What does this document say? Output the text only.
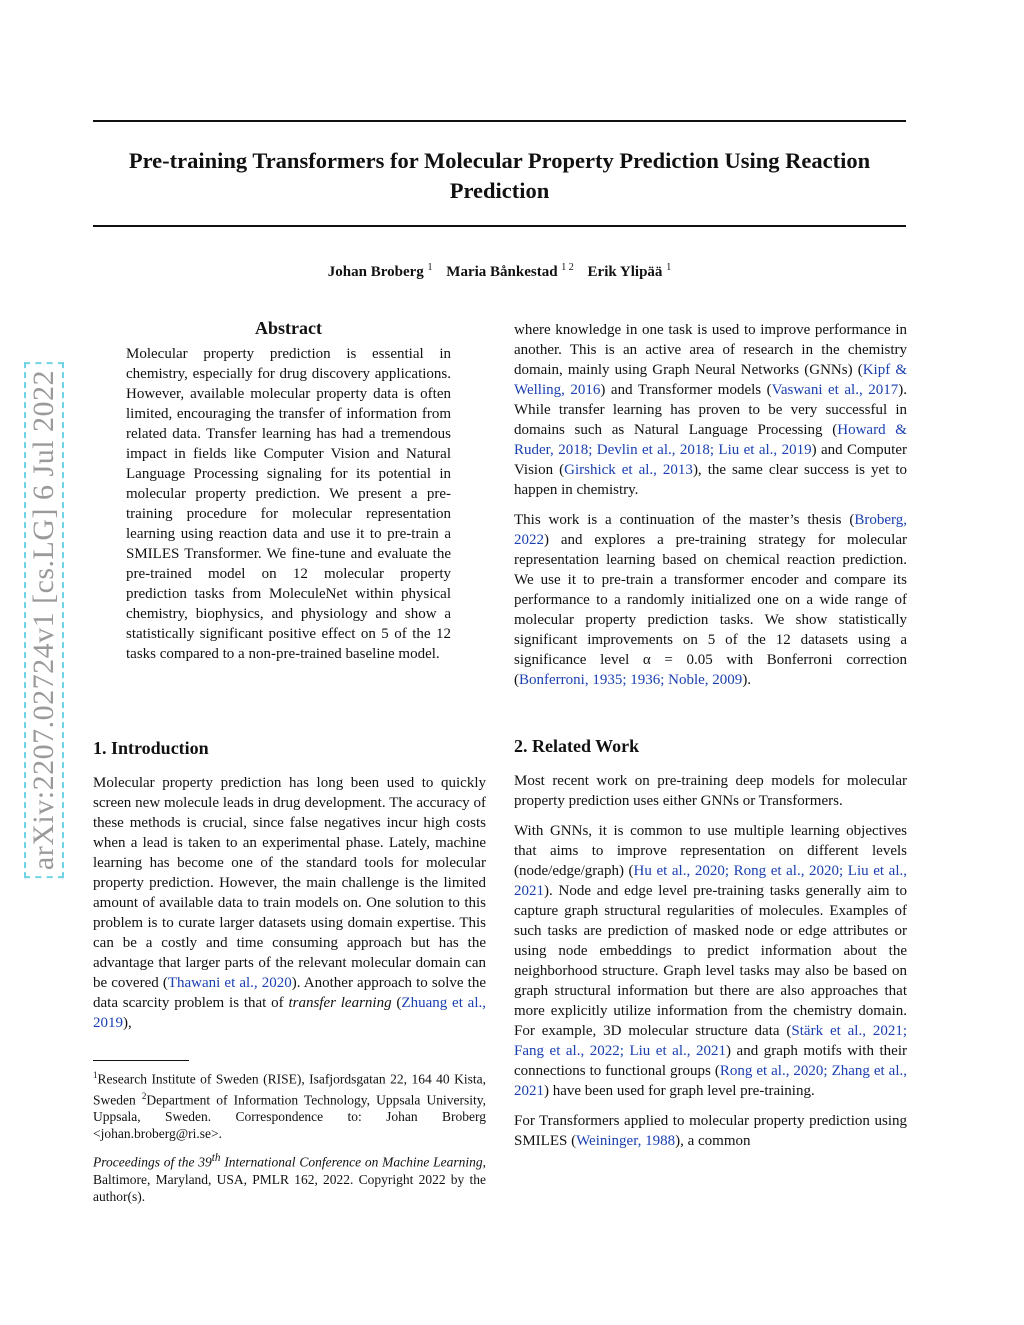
Pre-training Transformers for Molecular Property Prediction Using Reaction
Prediction
Johan Broberg $^1$ Maria Bånkestad $^{1 2}$ Erik Ylipää $^1$
arXiv:2207.02724v1 [cs.LG] 6 Jul 2022
Abstract

Molecular property prediction is essential in chemistry, especially for drug discovery applications. However, available molecular property data is often limited, encouraging the transfer of information from related data. Transfer learning has had a tremendous impact in fields like Computer Vision and Natural Language Processing signaling for its potential in molecular property prediction. We present a pre-training procedure for molecular representation learning using reaction data and use it to pre-train a SMILES Transformer. We fine-tune and evaluate the pre-trained model on 12 molecular property prediction tasks from MoleculeNet within physical chemistry, biophysics, and physiology and show a statistically significant positive effect on 5 of the 12 tasks compared to a non-pre-trained baseline model.

1. Introduction

Molecular property prediction has long been used to quickly screen new molecule leads in drug development. The accuracy of these methods is crucial, since false negatives incur high costs when a lead is taken to an experimental phase. Lately, machine learning has become one of the standard tools for molecular property prediction. However, the main challenge is the limited amount of available data to train models on. One solution to this problem is to curate larger datasets using domain expertise. This can be a costly and time consuming approach but has the advantage that larger parts of the relevant molecular domain can be covered (Thawani et al., 2020). Another approach to solve the data scarcity problem is that of transfer learning (Zhuang et al., 2019),

$^1$Research Institute of Sweden (RISE), Isafjordsgatan 22, 164 40 Kista, Sweden $^2$Department of Information Technology, Uppsala University, Uppsala, Sweden. Correspondence to: Johan Broberg <johan.broberg@ri.se>.

Proceedings of the 39th International Conference on Machine Learning, Baltimore, Maryland, USA, PMLR 162, 2022. Copyright 2022 by the author(s).

where knowledge in one task is used to improve performance in another. This is an active area of research in the chemistry domain, mainly using Graph Neural Networks (GNNs) (Kipf & Welling, 2016) and Transformer models (Vaswani et al., 2017). While transfer learning has proven to be very successful in domains such as Natural Language Processing (Howard & Ruder, 2018; Devlin et al., 2018; Liu et al., 2019) and Computer Vision (Girshick et al., 2013), the same clear success is yet to happen in chemistry.

This work is a continuation of the master’s thesis (Broberg, 2022) and explores a pre-training strategy for molecular representation learning based on chemical reaction prediction. We use it to pre-train a transformer encoder and compare its performance to a randomly initialized one on a wide range of molecular property prediction tasks. We show statistically significant improvements on 5 of the 12 datasets using a significance level α = 0.05 with Bonferroni correction (Bonferroni, 1935; 1936; Noble, 2009).

2. Related Work

Most recent work on pre-training deep models for molecular property prediction uses either GNNs or Transformers.

With GNNs, it is common to use multiple learning objectives that aims to improve representation on different levels (node/edge/graph) (Hu et al., 2020; Rong et al., 2020; Liu et al., 2021). Node and edge level pre-training tasks generally aim to capture graph structural regularities of molecules. Examples of such tasks are prediction of masked node or edge attributes or using node embeddings to predict information about the neighborhood structure. Graph level tasks may also be based on graph structural information but there are also approaches that more explicitly utilize information from the chemistry domain. For example, 3D molecular structure data (Stärk et al., 2021; Fang et al., 2022; Liu et al., 2021) and graph motifs with their connections to functional groups (Rong et al., 2020; Zhang et al., 2021) have been used for graph level pre-training.

For Transformers applied to molecular property prediction using SMILES (Weininger, 1988), a common
